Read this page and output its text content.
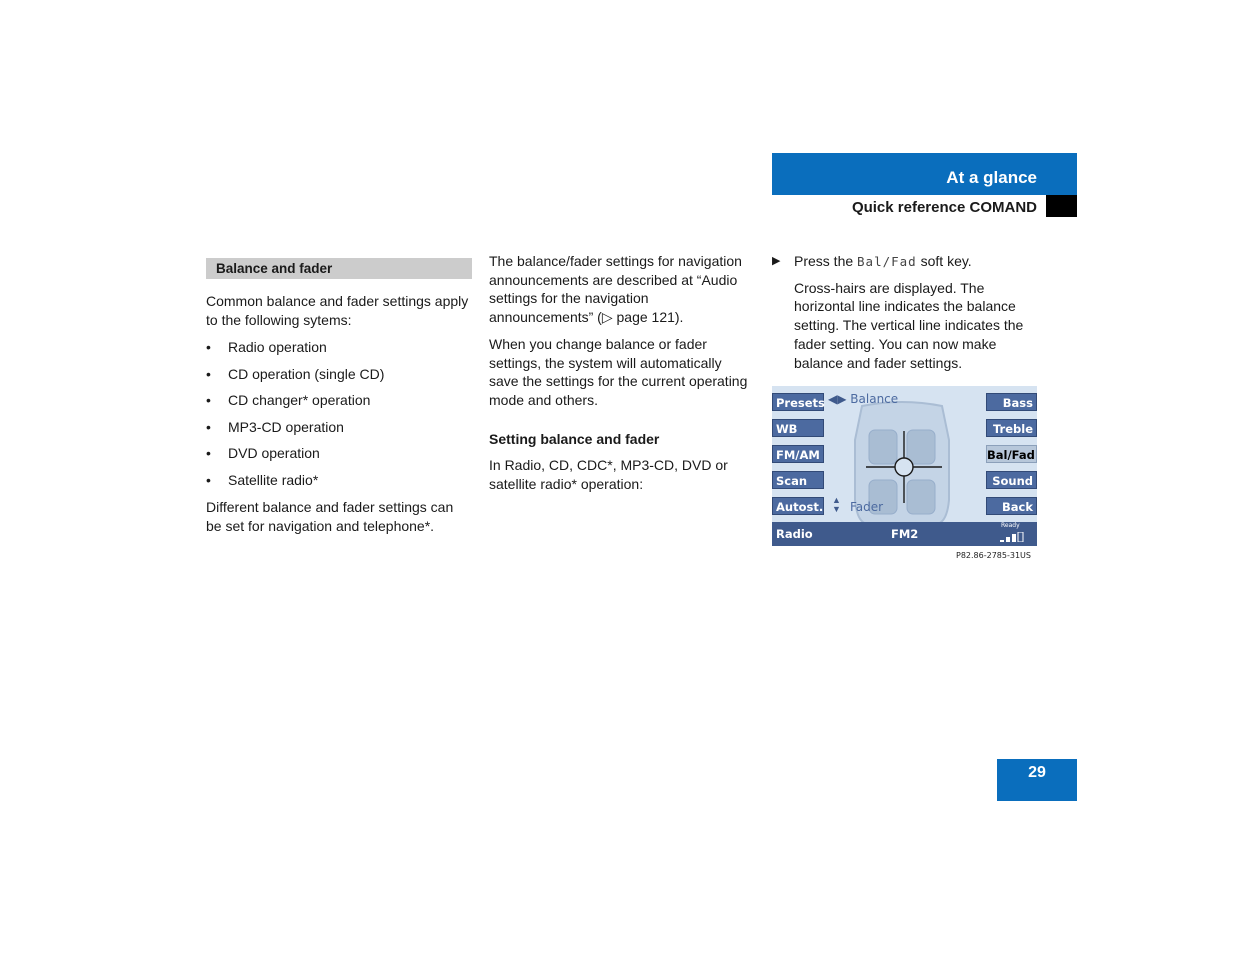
At a glance
Quick reference COMAND
Balance and fader

Common balance and fader settings apply to the following sytems:

• Radio operation
• CD operation (single CD)
• CD changer* operation
• MP3-CD operation
• DVD operation
• Satellite radio*

Different balance and fader settings can be set for navigation and telephone*.

The balance/fader settings for navigation announcements are described at “Audio settings for the navigation announcements” (▷ page 121).

When you change balance or fader settings, the system will automatically save the settings for the current operating mode and others.

Setting balance and fader

In Radio, CD, CDC*, MP3-CD, DVD or satellite radio* operation:

▶ Press the Bal/Fad soft key.

Cross-hairs are displayed. The horizontal line indicates the balance setting. The vertical line indicates the fader setting. You can now make balance and fader settings.

Presets
WB
FM/AM
Scan
Autost.
Bass
Treble
Bal/Fad
Sound
Back
◀▶ Balance
▲
▼ Fader
Radio	FM2
Ready
P82.86-2785-31US
29
